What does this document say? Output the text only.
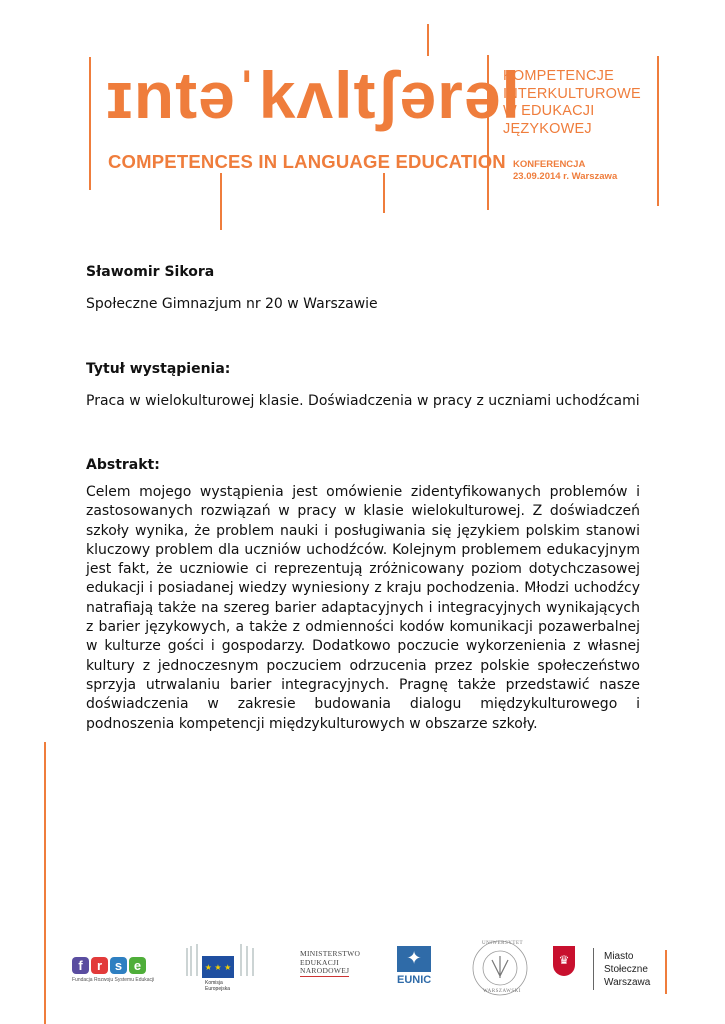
ɪntəˈkʌltʃərəl
COMPETENCES IN LANGUAGE EDUCATION
KOMPETENCJE
INTERKULTUROWE
W EDUKACJI
JĘZYKOWEJ
KONFERENCJA
23.09.2014 r. Warszawa
Sławomir Sikora
Społeczne Gimnazjum nr 20 w Warszawie
Tytuł wystąpienia:
Praca w wielokulturowej klasie. Doświadczenia w pracy z uczniami uchodźcami
Abstrakt:
Celem mojego wystąpienia jest omówienie zidentyfikowanych problemów i zastosowanych rozwiązań w pracy w klasie wielokulturowej. Z doświadczeń szkoły wynika, że problem nauki i posługiwania się językiem polskim stanowi kluczowy problem dla uczniów uchodźców. Kolejnym problemem edukacyjnym jest fakt, że uczniowie ci reprezentują zróżnicowany poziom dotychczasowej edukacji i posiadanej wiedzy wyniesiony z kraju pochodzenia. Młodzi uchodźcy natrafiają także na szereg barier adaptacyjnych i integracyjnych wynikających z barier językowych, a także z odmienności kodów komunikacji pozawerbalnej w kulturze gości i gospodarzy. Dodatkowo poczucie wykorzenienia z własnej kultury z jednoczesnym poczuciem odrzucenia przez polskie społeczeństwo sprzyja utrwalaniu barier integracyjnych. Pragnę także przedstawić nasze doświadczenia w zakresie budowania dialogu międzykulturowego i podnoszenia kompetencji międzykulturowych w obszarze szkoły.
f	r s e
Fundacja Rozwoju Systemu Edukacji
★ ★ ★
Komisja
Europejska
MINISTERSTWO
EDUKACJI
NARODOWEJ
✦
EUNIC
UNIWERSYTET
WARSZAWSKI
♛	Miasto
Stołeczne
Warszawa
